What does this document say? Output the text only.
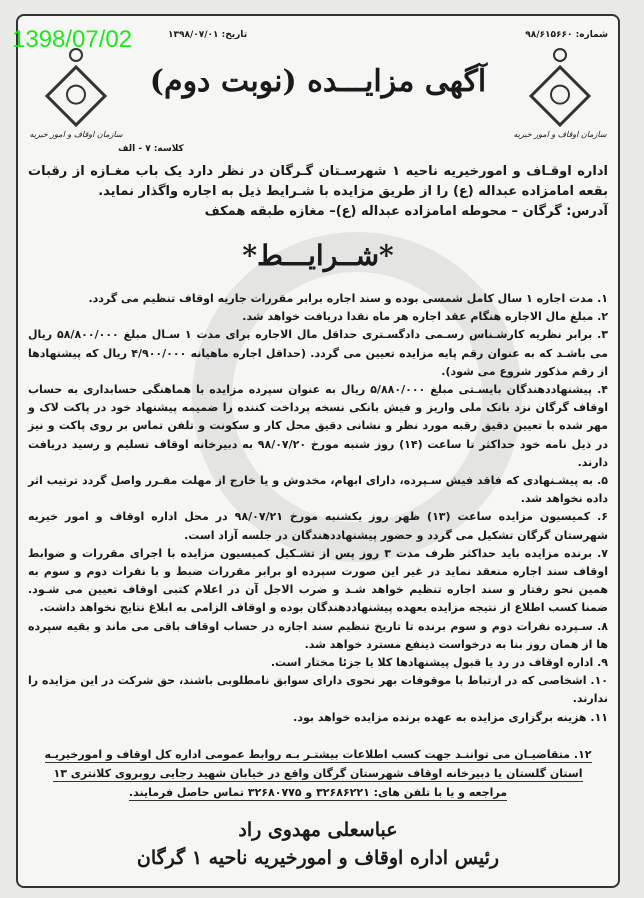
1398/07/02	شماره: ۹۸/۶۱۵۶۶۰
تاریخ: ۱۳۹۸/۰۷/۰۱
سازمان اوقاف و امور خیریه
آگهی مزایـــده (نوبت دوم)
سازمان اوقاف و امور خیریه
کلاسه: ۷ - الف
اداره اوقـاف و امورخیریه ناحیه ۱ شهرسـتان گـرگان در نظر دارد یک باب مغـازه از رقبات بقعه امامزاده عبداله (ع) را از طریق مزایده با شـرایط ذیل به اجاره واگذار نماید.
آدرس: گرگان – محوطه امامزاده عبداله (ع)– مغازه طبقه همکف
*شــرایـــط*
۱. مدت اجاره ۱ سال کامل شمسی بوده و سند اجاره برابر مقررات جاریه اوقاف تنظیم می گردد.
۲. مبلغ مال الاجاره هنگام عقد اجاره هر ماه نقدا دریافت خواهد شد.
۳. برابر نظریه کارشـناس رسـمی دادگسـتری حداقل مال الاجاره برای مدت ۱ سـال مبلغ ۵۸/۸۰۰/۰۰۰ ریال می باشـد که به عنوان رقم پایه مزایده تعیین می گردد. (حداقل اجاره ماهیانه ۴/۹۰۰/۰۰۰ ریال که پیشنهادها از رقم مذکور شروع می شود).
۴. پیشنهاددهندگان بایسـتی مبلغ ۵/۸۸۰/۰۰۰ ریال به عنوان سپرده مزایده با هماهنگی حسابداری به حساب اوقاف گرگان نزد بانک ملی واریز و فیش بانکی نسخه پرداخت کننده را ضمیمه پیشنهاد خود در پاکت لاک و مهر شده با تعیین دقیق رقبه مورد نظر و نشانی دقیق محل کار و سکونت و تلفن تماس بر روی پاکت و نیز در ذیل نامه خود حداکثر تا ساعت (۱۴) روز شنبه مورخ ۹۸/۰۷/۲۰ به دبیرخانه اوقاف تسلیم و رسید دریافت دارند.
۵. به پیشـنهادی که فاقد فیش سـپرده، دارای ابهام، مخدوش و یا خارج از مهلت مقـرر واصل گردد ترتیب اثر داده نخواهد شد.
۶. کمیسیون مزایده ساعت (۱۳) ظهر روز یکشنبه مورخ ۹۸/۰۷/۲۱ در محل اداره اوقاف و امور خیریه شهرستان گرگان تشکیل می گردد و حضور پیشنهاددهندگان در جلسه آزاد است.
۷. برنده مزایده باید حداکثر ظرف مدت ۳ روز پس از تشـکیل کمیسیون مزایده با اجرای مقررات و ضوابط اوقاف سند اجاره منعقد نماید در غیر این صورت سپرده او برابر مقررات ضبط و با نفرات دوم و سوم به همین نحو رفتار و سند اجاره تنظیم خواهد شـد و ضرب الاجل آن در اعلام کتبی اوقاف تعیین می شـود. ضمنا کسب اطلاع از نتیجه مزایده بعهده پیشنهاددهندگان بوده و اوقاف الزامی به ابلاغ نتایج نخواهد داشت.
۸. سـپرده نفرات دوم و سوم برنده تا تاریخ تنظیم سند اجاره در حساب اوقاف باقی می ماند و بقیه سپرده ها از همان روز بنا به درخواست ذینفع مسترد خواهد شد.
۹. اداره اوقاف در رد یا قبول پیشنهادها کلا یا جزئا مختار است.
۱۰. اشخاصی که در ارتباط با موقوفات بهر نحوی دارای سوابق نامطلوبی باشند، حق شرکت در این مزایده را ندارند.
۱۱. هزینه برگزاری مزایده به عهده برنده مزایده خواهد بود.
۱۲. متقاضیـان می تواننـد جهت کسب اطلاعات بیشتـر بـه روابط عمومی اداره کل اوقاف و امورخیریـه استان گلستان یا دبیرخانه اوقاف شهرستان گرگان واقع در خیابان شهید رجایی روبروی کلانتری ۱۳ مراجعه و یا با تلفن های: ۳۲۶۸۶۲۲۱ و ۳۲۶۸۰۷۷۵ تماس حاصل فرمایند.
عباسعلی مهدوی راد
رئیس اداره اوقاف و امورخیریه ناحیه ۱ گرگان
